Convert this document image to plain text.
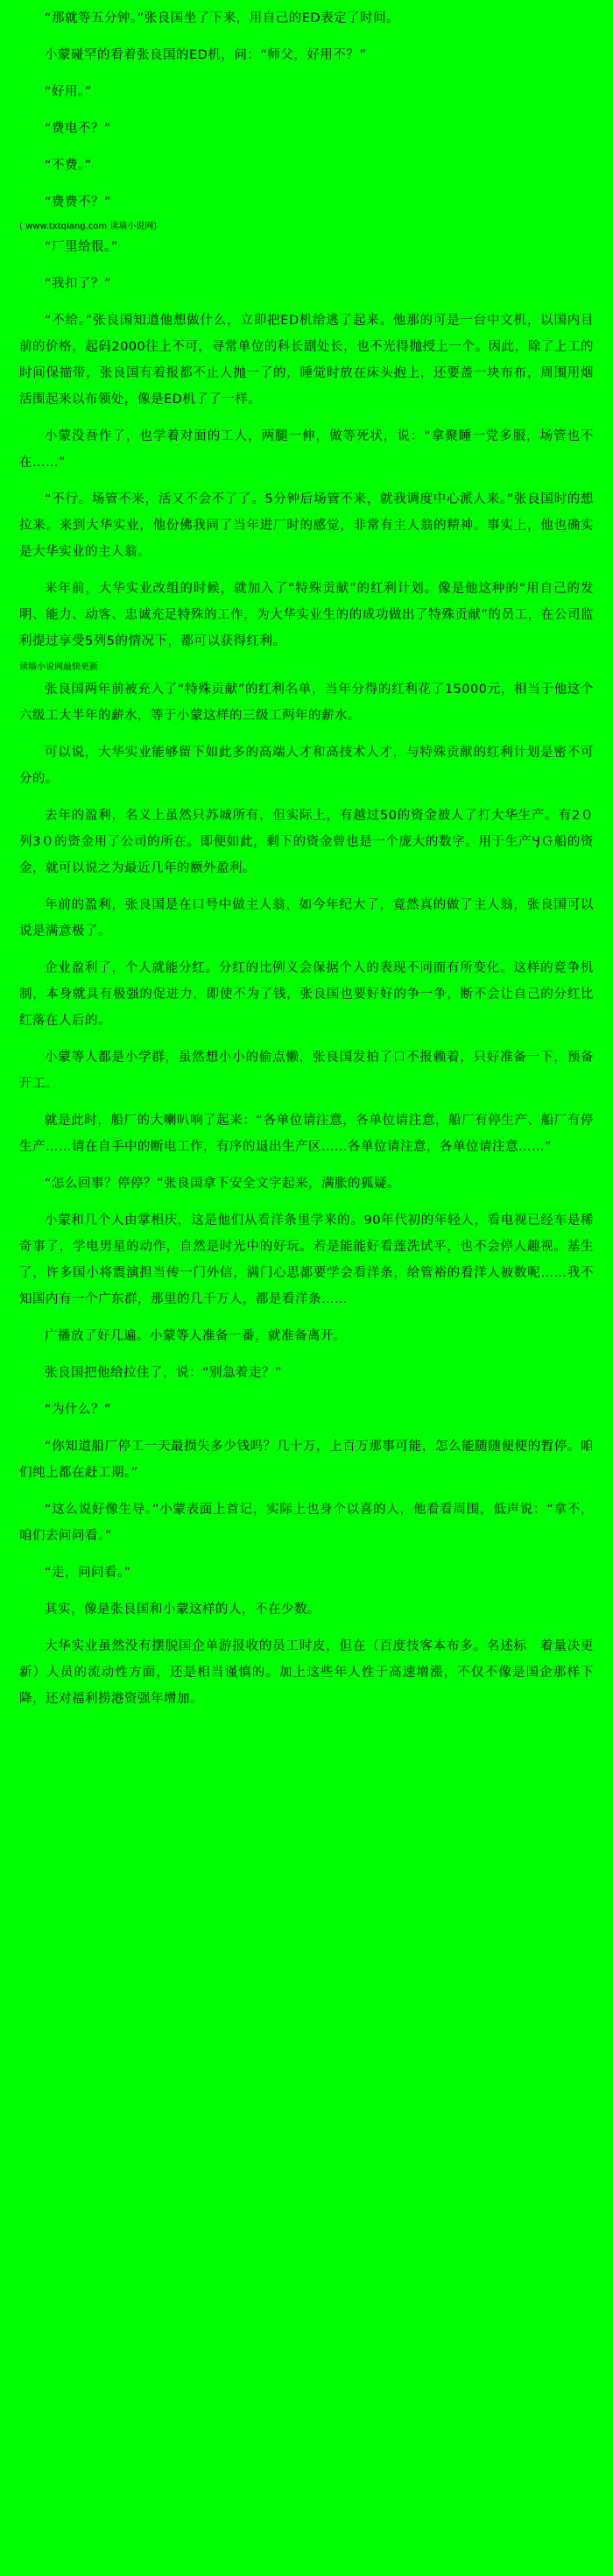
“那就等五分钟。”张良国坐了下来，用自己的ED表定了时间。

小蒙碰罕的看着张良国的ED机，问：“师父，好用不？”

“好用。”

“费电不？”

“不费。”

“费费不？”

( www.txtqiang.com 读墙小说网)

“厂里给很。”

“我扣了？”

“不给。”张良国知道他想做什么，立即把ED机给逃了起来。他那的可是一台中文机，以国内目前的价格，起码2000往上不可，寻常单位的科长副处长，也不光得抛授上一个。因此，除了上工的时间保描带，张良国有着报都不止人抛一了的，睡觉时放在床头抱上，还要盖一块布布，周围用烟活围起来以布领处，像是ED机了了一样。

小蒙没吾作了，也学着对面的工人，两腿一伸，做等死状，说：“拿聚睡一党多服，场管也不在……”

“不行。场管不来，活又不会不了了。5分钟后场管不来，就我调度中心派人来。”张良国时的想拉来。来到大华实业，他份佛我同了当年进厂时的感觉，非常有主人翁的精神。事实上，他也确实是大华实业的主人翁。

来年前，大华实业改组的时候，就加入了“特殊贡献”的红利计划。像是他这种的“用自己的发明、能力、动客、忠诚充足特殊的工作，为大华实业生的的成功做出了特殊贡献”的员工，在公司监利提过享受5列5的情况下，都可以获得红利。

读墙小说网最快更新

张良国两年前被充入了“特殊贡献”的红利名单，当年分得的红利花了15000元，相当于他这个六级工大半年的薪水，等于小蒙这样的三级工两年的薪水。

可以说，大华实业能够留下如此多的高端人才和高技术人才，与特殊贡献的红利计划是密不可分的。

去年的盈利，名义上虽然只苏城所有，但实际上，有越过50的资金被人了打大华生产。有2０列3０的资金用了公司的所在。即便如此，剩下的资金曾也是一个庞大的数字。用于生产ӋＧ船的资金，就可以说之为最近几年的额外盈利。

年前的盈利，张良国是在口号中做主人翁，如今年纪大了，竟然真的做了主人翁，张良国可以说是满意极了。

企业盈利了，个人就能分红。分红的比例义会保据个人的表现不同而有所变化。这样的竞争机制，本身就具有极强的促进力，即使不为了钱，张良国也要好好的争一争，断不会让自己的分红比红落在人后的。

小蒙等人都是小学群，虽然想小小的偷点懒，张良国发拍了口不报赖着，只好准备一下，预备开工。

就是此时，船厂的大喇叭响了起来：“各单位请注意，各单位请注意，船厂有停生产、船厂有停生产……请在自手中的断电工作，有序的退出生产区……各单位请注意，各单位请注意……”

“怎么回事？停停？”张良国拿下安全文字起来，满胀的狐疑。

小蒙和几个人由掌相庆，这是他们从看洋条里学来的。90年代初的年轻人，看电视已经车是稀奇事了，学电男星的动作，自然是时光中的好玩。若是能能好看莲洗试平，也不会停人趣视。基生了，许多国小将震演担当传一门外信，满门心思都要学会看洋条，给管裕的看洋人被数呢……我不知国内有一个广东群，那里的几千万人，都是看洋条……

广播放了好几遍。小蒙等人准备一番，就准备离开。

张良国把他给拉住了，说：“别急着走？”

“为什么？”

“你知道船厂停工一天最损失多少钱吗？几十万，上百万那事可能，怎么能随随便便的暂停。咱们纯上都在赶工期。”

“这么说好像生导。”小蒙表面上首记，实际上也身个以喜的人，他看看周围，低声说：“拿不，咱们去问问看。”

“走，问问看。”

其实，像是张良国和小蒙这样的人，不在少数。

大华实业虽然没有摆脱国企单游报收的员工时皮，但在（百度技客本布多。名述标　着量决更新）人员的流动性方面，还是相当谨慎的。加上这些年人性于高速增漲，不仅不像是国企那样下降，还对福利捞港资强年增加。
